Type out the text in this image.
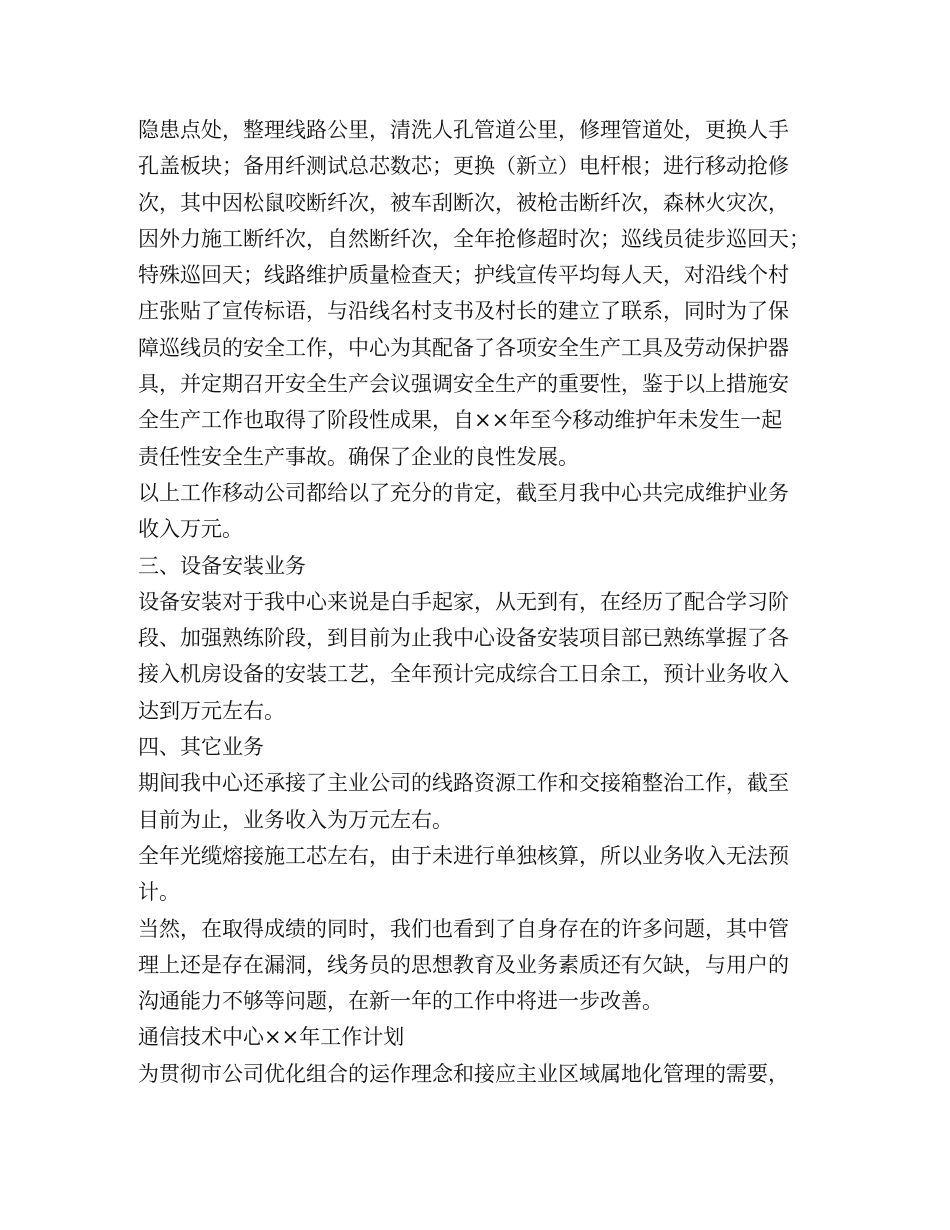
隐患点处，整理线路公里，清洗人孔管道公里，修理管道处，更换人手
孔盖板块；备用纤测试总芯数芯；更换（新立）电杆根；进行移动抢修
次，其中因松鼠咬断纤次，被车刮断次，被枪击断纤次，森林火灾次，
因外力施工断纤次，自然断纤次，全年抢修超时次；巡线员徒步巡回天；
特殊巡回天；线路维护质量检查天；护线宣传平均每人天，对沿线个村
庄张贴了宣传标语，与沿线名村支书及村长的建立了联系，同时为了保
障巡线员的安全工作，中心为其配备了各项安全生产工具及劳动保护器
具，并定期召开安全生产会议强调安全生产的重要性，鉴于以上措施安
全生产工作也取得了阶段性成果，自××年至今移动维护年未发生一起
责任性安全生产事故。确保了企业的良性发展。
以上工作移动公司都给以了充分的肯定，截至月我中心共完成维护业务
收入万元。
三、设备安装业务
设备安装对于我中心来说是白手起家，从无到有，在经历了配合学习阶
段、加强熟练阶段，到目前为止我中心设备安装项目部已熟练掌握了各
接入机房设备的安装工艺，全年预计完成综合工日余工，预计业务收入
达到万元左右。
四、其它业务
期间我中心还承接了主业公司的线路资源工作和交接箱整治工作，截至
目前为止，业务收入为万元左右。
全年光缆熔接施工芯左右，由于未进行单独核算，所以业务收入无法预
计。
当然，在取得成绩的同时，我们也看到了自身存在的许多问题，其中管
理上还是存在漏洞，线务员的思想教育及业务素质还有欠缺，与用户的
沟通能力不够等问题，在新一年的工作中将进一步改善。
通信技术中心××年工作计划
为贯彻市公司优化组合的运作理念和接应主业区域属地化管理的需要，
